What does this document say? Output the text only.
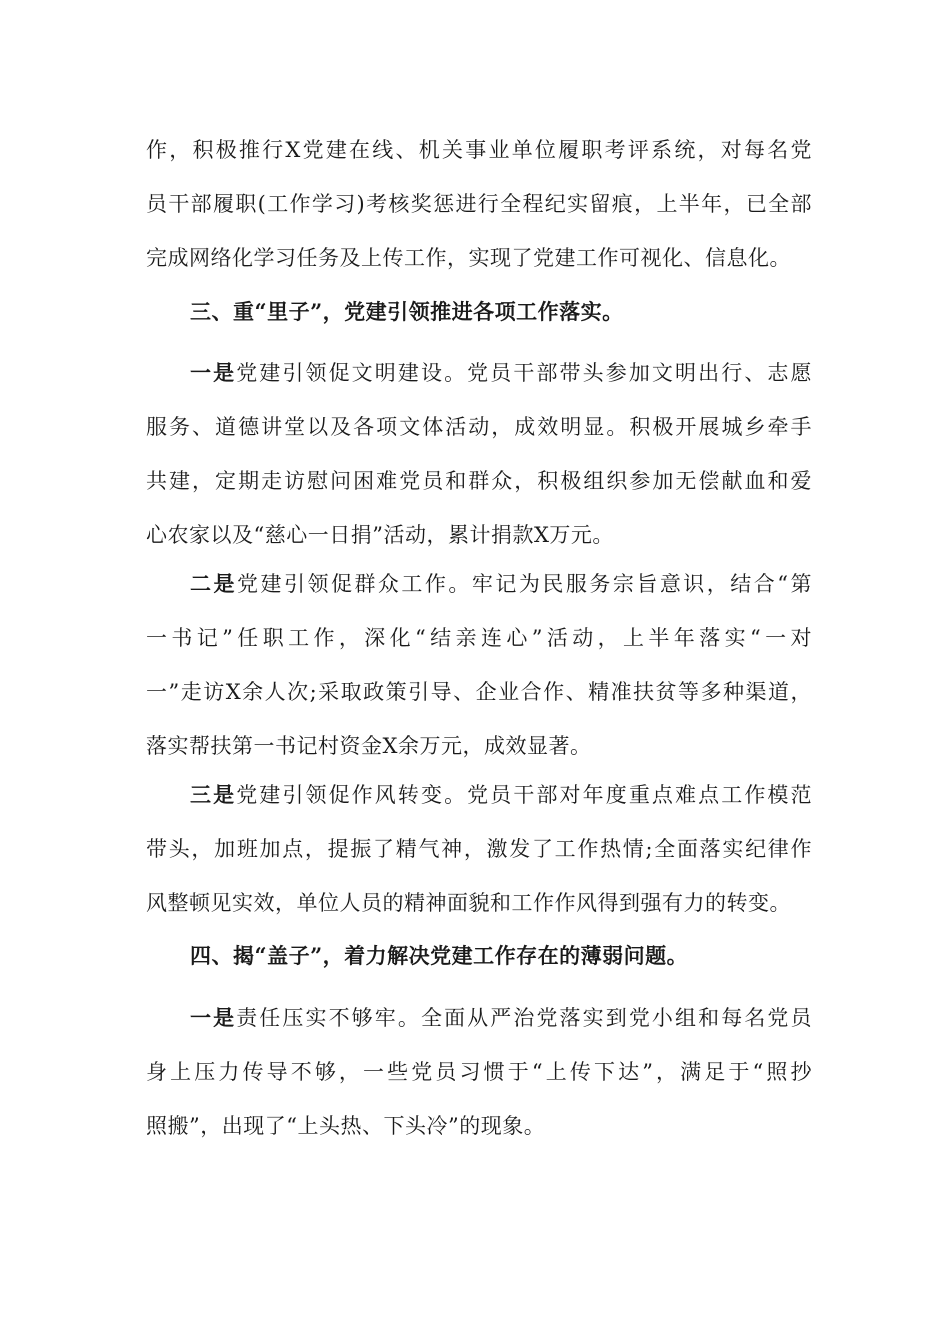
作，积极推行X党建在线、机关事业单位履职考评系统，对每名党
员干部履职(工作学习)考核奖惩进行全程纪实留痕，上半年，已全部
完成网络化学习任务及上传工作，实现了党建工作可视化、信息化。
三、重“里子”，党建引领推进各项工作落实。
一是党建引领促文明建设。党员干部带头参加文明出行、志愿
服务、道德讲堂以及各项文体活动，成效明显。积极开展城乡牵手
共建，定期走访慰问困难党员和群众，积极组织参加无偿献血和爱
心农家以及“慈心一日捐”活动，累计捐款X万元。
二是党建引领促群众工作。牢记为民服务宗旨意识，结合“第
一书记”任职工作，深化“结亲连心”活动，上半年落实“一对
一”走访X余人次;采取政策引导、企业合作、精准扶贫等多种渠道，
落实帮扶第一书记村资金X余万元，成效显著。
三是党建引领促作风转变。党员干部对年度重点难点工作模范
带头，加班加点，提振了精气神，激发了工作热情;全面落实纪律作
风整顿见实效，单位人员的精神面貌和工作作风得到强有力的转变。
四、揭“盖子”，着力解决党建工作存在的薄弱问题。
一是责任压实不够牢。全面从严治党落实到党小组和每名党员
身上压力传导不够，一些党员习惯于“上传下达”，满足于“照抄
照搬”，出现了“上头热、下头冷”的现象。
